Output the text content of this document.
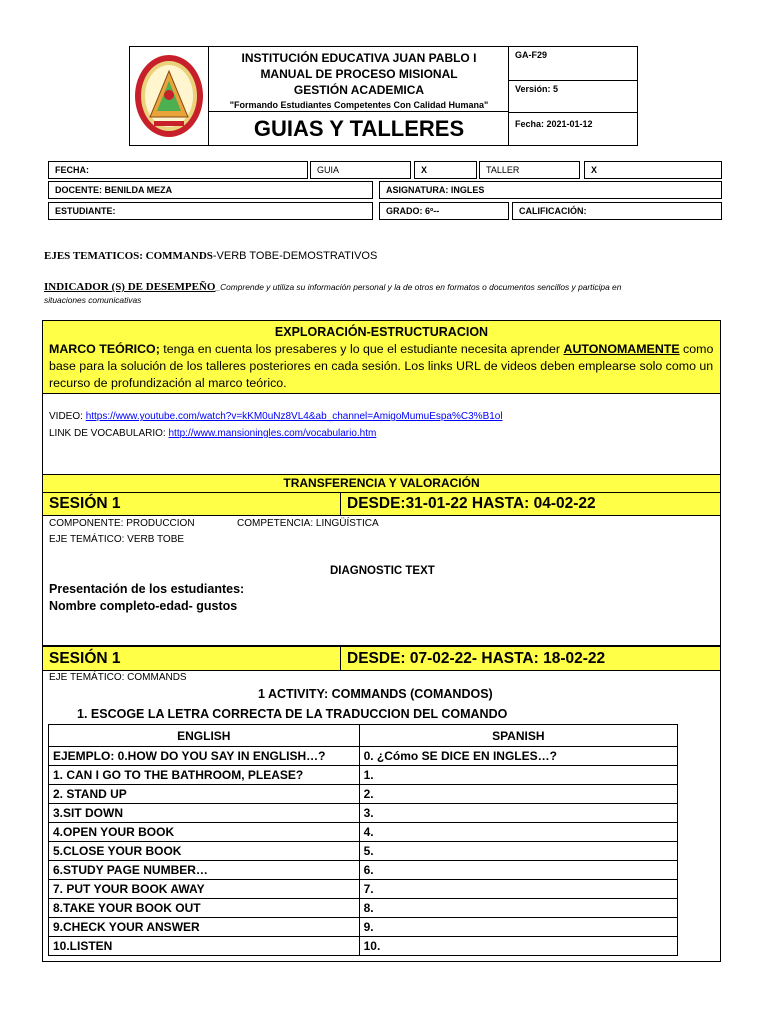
INSTITUCIÓN EDUCATIVA JUAN PABLO I
MANUAL DE PROCESO MISIONAL
GESTIÓN ACADEMICA
"Formando Estudiantes Competentes Con Calidad Humana"
GUIAS Y TALLERES
GA-F29
Versión: 5
Fecha: 2021-01-12
FECHA:	GUIA	X	TALLER	X
DOCENTE: BENILDA MEZA	ASIGNATURA: INGLES
ESTUDIANTE:	GRADO: 6º--	CALIFICACIÓN:
EJES TEMATICOS: COMMANDS-VERB TOBE-DEMOSTRATIVOS
INDICADOR (S) DE DESEMPEÑO_Comprende y utiliza su información personal y la de otros en formatos o documentos sencillos y participa en
situaciones comunicativas
EXPLORACIÓN-ESTRUCTURACION
MARCO TEÓRICO; tenga en cuenta los presaberes y lo que el estudiante necesita aprender AUTONOMAMENTE como
base para la solución de los talleres posteriores en cada sesión. Los links URL de videos deben emplearse solo como un
recurso de profundización al marco teórico.
VIDEO: https://www.youtube.com/watch?v=kKM0uNz8VL4&ab_channel=AmigoMumuEspa%C3%B1ol
LINK DE VOCABULARIO: http://www.mansioningles.com/vocabulario.htm
TRANSFERENCIA Y VALORACIÓN
SESIÓN 1	DESDE:31-01-22 HASTA: 04-02-22
COMPONENTE: PRODUCCION	COMPETENCIA: LINGÜÍSTICA
EJE TEMÁTICO: VERB TOBE
DIAGNOSTIC TEXT
Presentación de los estudiantes:
Nombre completo-edad- gustos
SESIÓN 1	DESDE: 07-02-22- HASTA: 18-02-22
EJE TEMÁTICO: COMMANDS
1 ACTIVITY: COMMANDS (COMANDOS)
1. ESCOGE LA LETRA CORRECTA DE LA TRADUCCION DEL COMANDO
ENGLISH	SPANISH
EJEMPLO: 0.HOW DO YOU SAY IN ENGLISH…?	0. ¿Cómo SE DICE EN INGLES…?
1. CAN I GO TO THE BATHROOM, PLEASE?	1.
2. STAND UP	2.
3.SIT DOWN	3.
4.OPEN YOUR BOOK	4.
5.CLOSE YOUR BOOK	5.
6.STUDY PAGE NUMBER…	6.
7. PUT YOUR BOOK AWAY	7.
8.TAKE YOUR BOOK OUT	8.
9.CHECK YOUR ANSWER	9.
10.LISTEN	10.
